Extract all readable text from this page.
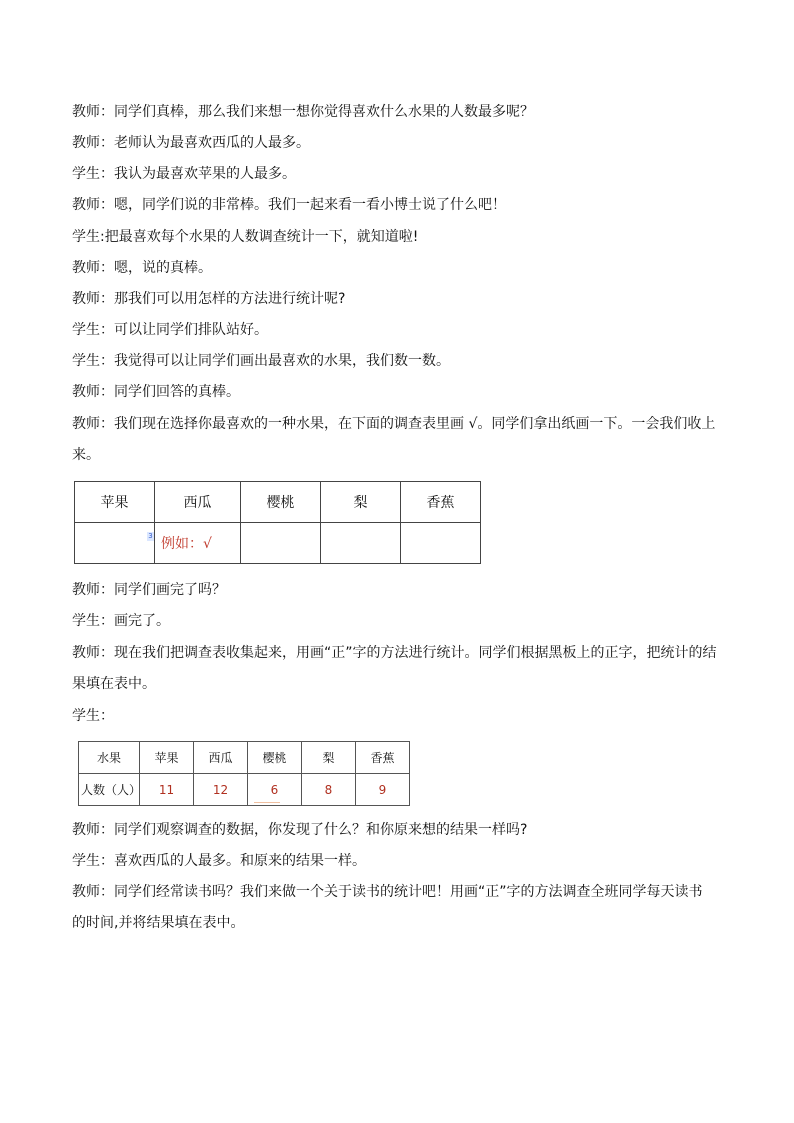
教师：同学们真棒，那么我们来想一想你觉得喜欢什么水果的人数最多呢？
教师：老师认为最喜欢西瓜的人最多。
学生：我认为最喜欢苹果的人最多。
教师：嗯，同学们说的非常棒。我们一起来看一看小博士说了什么吧！
学生:把最喜欢每个水果的人数调查统计一下，就知道啦!
教师：嗯，说的真棒。
教师：那我们可以用怎样的方法进行统计呢?
学生：可以让同学们排队站好。
学生：我觉得可以让同学们画出最喜欢的水果，我们数一数。
教师：同学们回答的真棒。
教师：我们现在选择你最喜欢的一种水果，在下面的调查表里画 √。同学们拿出纸画一下。一会我们收上
来。
苹果	西瓜	樱桃	梨	香蕉

	3 例如：√			
教师：同学们画完了吗？
学生：画完了。
教师：现在我们把调查表收集起来，用画“正”字的方法进行统计。同学们根据黑板上的正字，把统计的结
果填在表中。
学生：
水果	苹果	西瓜	樱桃	梨	香蕉
人数（人）	11	12	6	8	9
教师：同学们观察调查的数据，你发现了什么？和你原来想的结果一样吗?
学生：喜欢西瓜的人最多。和原来的结果一样。
教师：同学们经常读书吗？我们来做一个关于读书的统计吧！用画“正”字的方法调查全班同学每天读书
的时间,并将结果填在表中。
